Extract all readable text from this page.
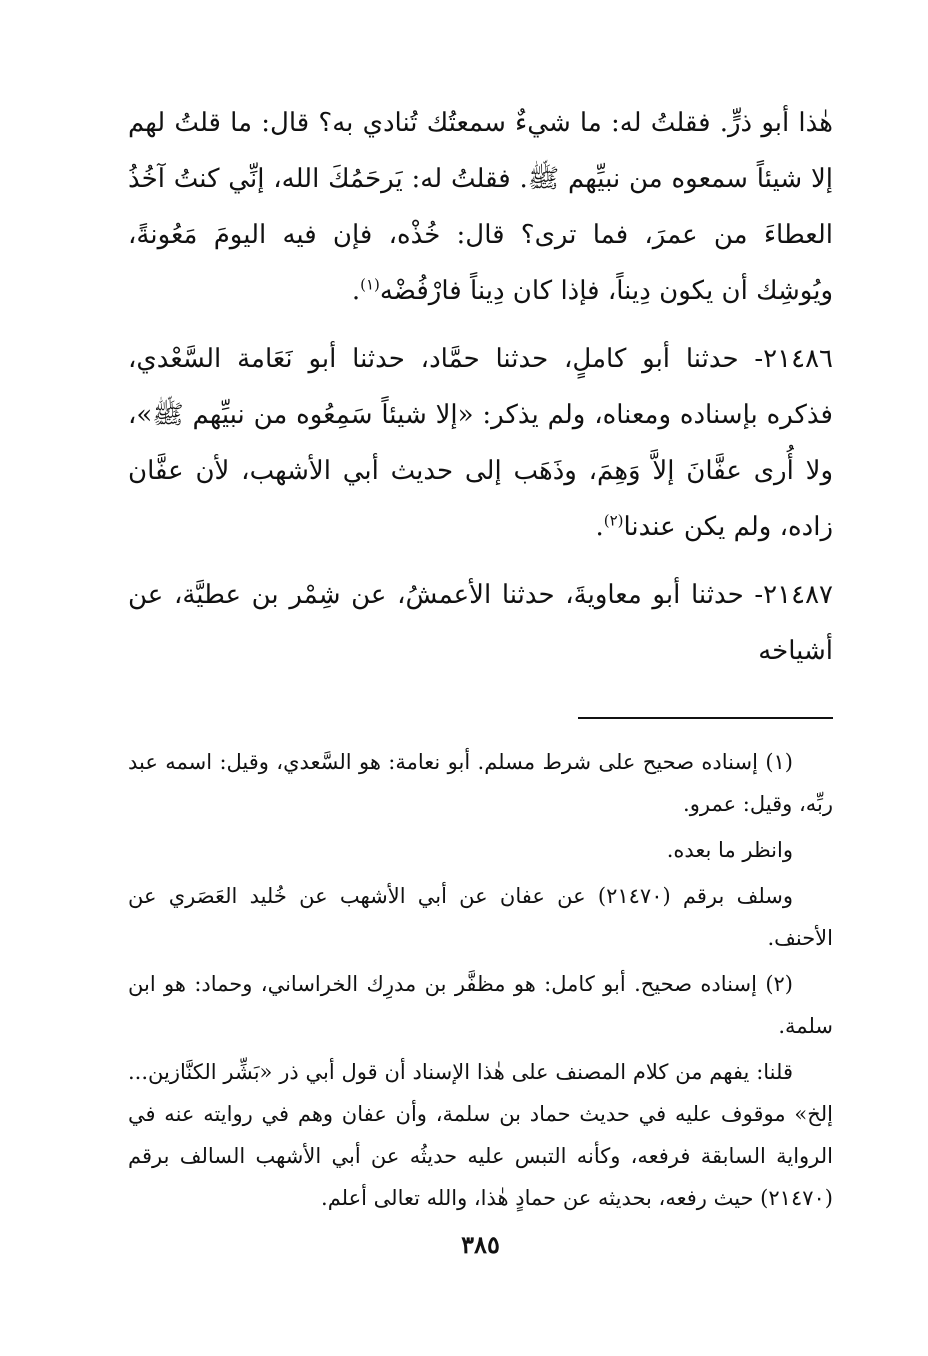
هٰذا أبو ذرٍّ. فقلتُ له: ما شيءٌ سمعتُك تُنادي به؟ قال: ما قلتُ لهم إلا شيئاً سمعوه من نبيِّهم ﷺ. فقلتُ له: يَرحَمُكَ الله، إنِّي كنتُ آخُذُ العطاءَ من عمرَ، فما ترى؟ قال: خُذْه، فإن فيه اليومَ مَعُونةً، ويُوشِك أن يكون دِيناً، فإذا كان دِيناً فارْفُضْه$^{(١)}$.

٢١٤٨٦- حدثنا أبو كاملٍ، حدثنا حمَّاد، حدثنا أبو نَعَامة السَّعْدي، فذكره بإسناده ومعناه، ولم يذكر: «إلا شيئاً سَمِعُوه من نبيِّهم ﷺ»، ولا أُرى عفَّانَ إلاَّ وَهِمَ، وذَهَب إلى حديث أبي الأشهب، لأن عفَّان زاده، ولم يكن عندنا$^{(٢)}$.

٢١٤٨٧- حدثنا أبو معاويةَ، حدثنا الأعمشُ، عن شِمْر بن عطيَّة، عن أشياخه

(١) إسناده صحيح على شرط مسلم. أبو نعامة: هو السَّعدي، وقيل: اسمه عبد ربِّه، وقيل: عمرو.

وانظر ما بعده.

وسلف برقم (٢١٤٧٠) عن عفان عن أبي الأشهب عن خُليد العَصَري عن الأحنف.

(٢) إسناده صحيح. أبو كامل: هو مظفَّر بن مدرِك الخراساني، وحماد: هو ابن سلمة.

قلنا: يفهم من كلام المصنف على هٰذا الإسناد أن قول أبي ذر «بَشِّر الكنَّازين... إلخ» موقوف عليه في حديث حماد بن سلمة، وأن عفان وهم في روايته عنه في الرواية السابقة فرفعه، وكأنه التبس عليه حديثُه عن أبي الأشهب السالف برقم (٢١٤٧٠) حيث رفعه، بحديثه عن حمادٍ هٰذا، والله تعالى أعلم.

٣٨٥
